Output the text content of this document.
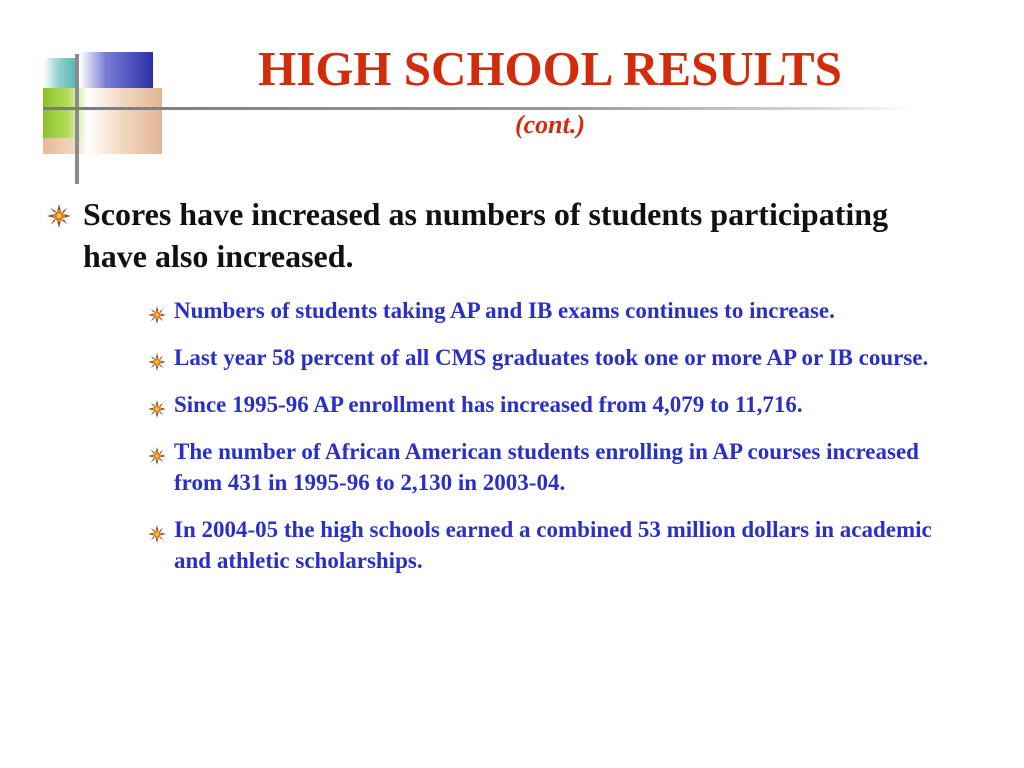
HIGH SCHOOL RESULTS
(cont.)
Scores have increased as numbers of students participating have also increased.
Numbers of students taking AP and IB exams continues to increase.
Last year 58 percent of all CMS graduates took one or more AP or IB course.
Since 1995-96 AP enrollment has increased from 4,079 to 11,716.
The number of African American students enrolling in AP courses increased from 431 in 1995-96 to 2,130 in 2003-04.
In 2004-05 the high schools earned a combined 53 million dollars in academic and athletic scholarships.
